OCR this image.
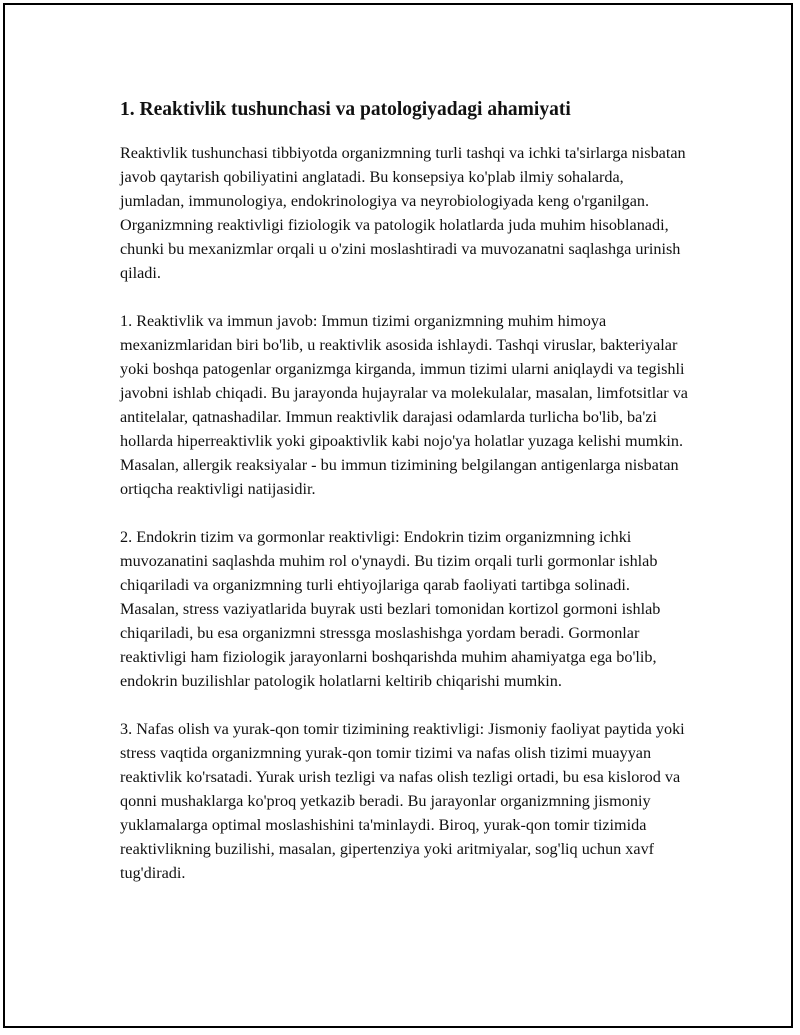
1. Reaktivlik tushunchasi va patologiyadagi ahamiyati

Reaktivlik tushunchasi tibbiyotda organizmning turli tashqi va ichki ta'sirlarga nisbatan javob qaytarish qobiliyatini anglatadi. Bu konsepsiya ko'plab ilmiy sohalarda, jumladan, immunologiya, endokrinologiya va neyrobiologiyada keng o'rganilgan. Organizmning reaktivligi fiziologik va patologik holatlarda juda muhim hisoblanadi, chunki bu mexanizmlar orqali u o'zini moslashtiradi va muvozanatni saqlashga urinish qiladi.

1. Reaktivlik va immun javob: Immun tizimi organizmning muhim himoya mexanizmlaridan biri bo'lib, u reaktivlik asosida ishlaydi. Tashqi viruslar, bakteriyalar yoki boshqa patogenlar organizmga kirganda, immun tizimi ularni aniqlaydi va tegishli javobni ishlab chiqadi. Bu jarayonda hujayralar va molekulalar, masalan, limfotsitlar va antitelalar, qatnashadilar. Immun reaktivlik darajasi odamlarda turlicha bo'lib, ba'zi hollarda hiperreaktivlik yoki gipoaktivlik kabi nojo'ya holatlar yuzaga kelishi mumkin. Masalan, allergik reaksiyalar - bu immun tizimining belgilangan antigenlarga nisbatan ortiqcha reaktivligi natijasidir.

2. Endokrin tizim va gormonlar reaktivligi: Endokrin tizim organizmning ichki muvozanatini saqlashda muhim rol o'ynaydi. Bu tizim orqali turli gormonlar ishlab chiqariladi va organizmning turli ehtiyojlariga qarab faoliyati tartibga solinadi. Masalan, stress vaziyatlarida buyrak usti bezlari tomonidan kortizol gormoni ishlab chiqariladi, bu esa organizmni stressga moslashishga yordam beradi. Gormonlar reaktivligi ham fiziologik jarayonlarni boshqarishda muhim ahamiyatga ega bo'lib, endokrin buzilishlar patologik holatlarni keltirib chiqarishi mumkin.

3. Nafas olish va yurak-qon tomir tizimining reaktivligi: Jismoniy faoliyat paytida yoki stress vaqtida organizmning yurak-qon tomir tizimi va nafas olish tizimi muayyan reaktivlik ko'rsatadi. Yurak urish tezligi va nafas olish tezligi ortadi, bu esa kislorod va qonni mushaklarga ko'proq yetkazib beradi. Bu jarayonlar organizmning jismoniy yuklamalarga optimal moslashishini ta'minlaydi. Biroq, yurak-qon tomir tizimida reaktivlikning buzilishi, masalan, gipertenziya yoki aritmiyalar, sog'liq uchun xavf tug'diradi.
